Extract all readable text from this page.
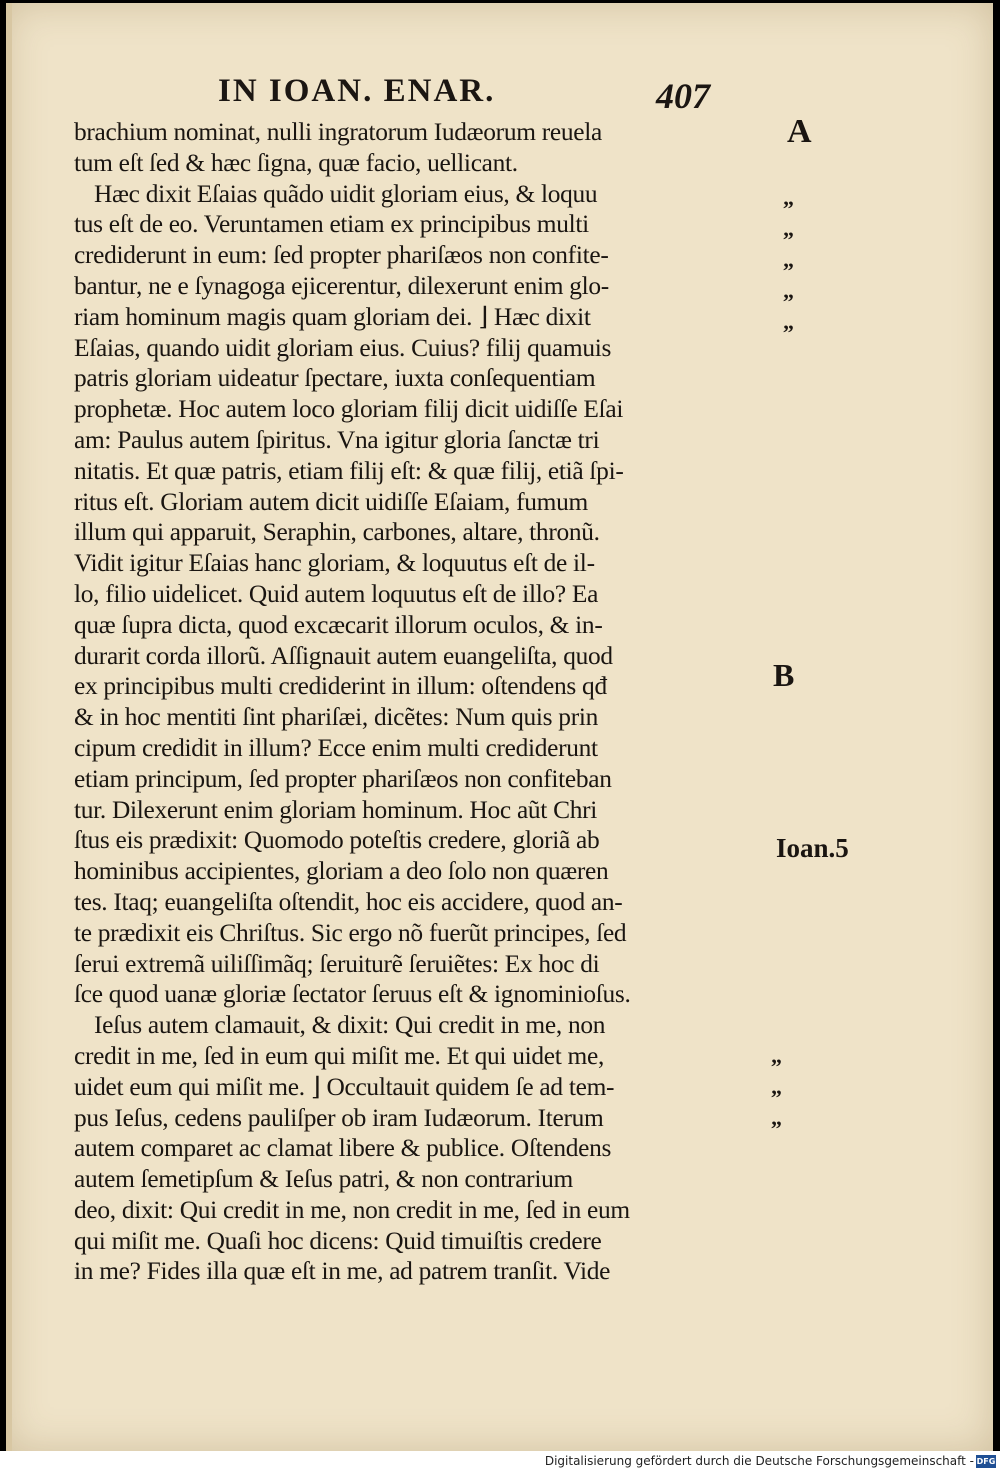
IN IOAN. ENAR.	407
brachium nominat, nulli ingratorum Iudæorum reuela
tum eſt ſed & hæc ſigna, quæ facio, uellicant.
Hæc dixit Eſaias quãdo uidit gloriam eius, & loquu
tus eſt de eo. Veruntamen etiam ex principibus multi
crediderunt in eum: ſed propter phariſæos non confite-
bantur, ne e ſynagoga ejicerentur, dilexerunt enim glo-
riam hominum magis quam gloriam dei. ⌋ Hæc dixit
Eſaias, quando uidit gloriam eius. Cuius? filij quamuis
patris gloriam uideatur ſpectare, iuxta conſequentiam
prophetæ. Hoc autem loco gloriam filij dicit uidiſſe Eſai
am: Paulus autem ſpiritus. Vna igitur gloria ſanctæ tri
nitatis. Et quæ patris, etiam filij eſt: & quæ filij, etiã ſpi-
ritus eſt. Gloriam autem dicit uidiſſe Eſaiam, fumum
illum qui apparuit, Seraphin, carbones, altare, thronũ.
Vidit igitur Eſaias hanc gloriam, & loquutus eſt de il-
lo, filio uidelicet. Quid autem loquutus eſt de illo? Ea
quæ ſupra dicta, quod excæcarit illorum oculos, & in-
durarit corda illorũ. Aſſignauit autem euangeliſta, quod
ex principibus multi crediderint in illum: oſtendens qđ
& in hoc mentiti ſint phariſæi, dicẽtes: Num quis prin
cipum credidit in illum? Ecce enim multi crediderunt
etiam principum, ſed propter phariſæos non confiteban
tur. Dilexerunt enim gloriam hominum. Hoc aũt Chri
ſtus eis prædixit: Quomodo poteſtis credere, gloriã ab
hominibus accipientes, gloriam a deo ſolo non quæren
tes. Itaq; euangeliſta oſtendit, hoc eis accidere, quod an-
te prædixit eis Chriſtus. Sic ergo nõ fuerũt principes, ſed
ſerui extremã uiliſſimãq; ſeruiturẽ ſeruiẽtes: Ex hoc di
ſce quod uanæ gloriæ ſectator ſeruus eſt & ignominioſus.
Ieſus autem clamauit, & dixit: Qui credit in me, non
credit in me, ſed in eum qui miſit me. Et qui uidet me,
uidet eum qui miſit me. ⌋ Occultauit quidem ſe ad tem-
pus Ieſus, cedens pauliſper ob iram Iudæorum. Iterum
autem comparet ac clamat libere & publice. Oſtendens
autem ſemetipſum & Ieſus patri, & non contrarium
deo, dixit: Qui credit in me, non credit in me, ſed in eum
qui miſit me. Quaſi hoc dicens: Quid timuiſtis credere
in me? Fides illa quæ eſt in me, ad patrem tranſit. Vide
A
B
Ioan.5
„
„
„
„
„
„
„
„
Digitalisierung gefördert durch die Deutsche Forschungsgemeinschaft - DFG
